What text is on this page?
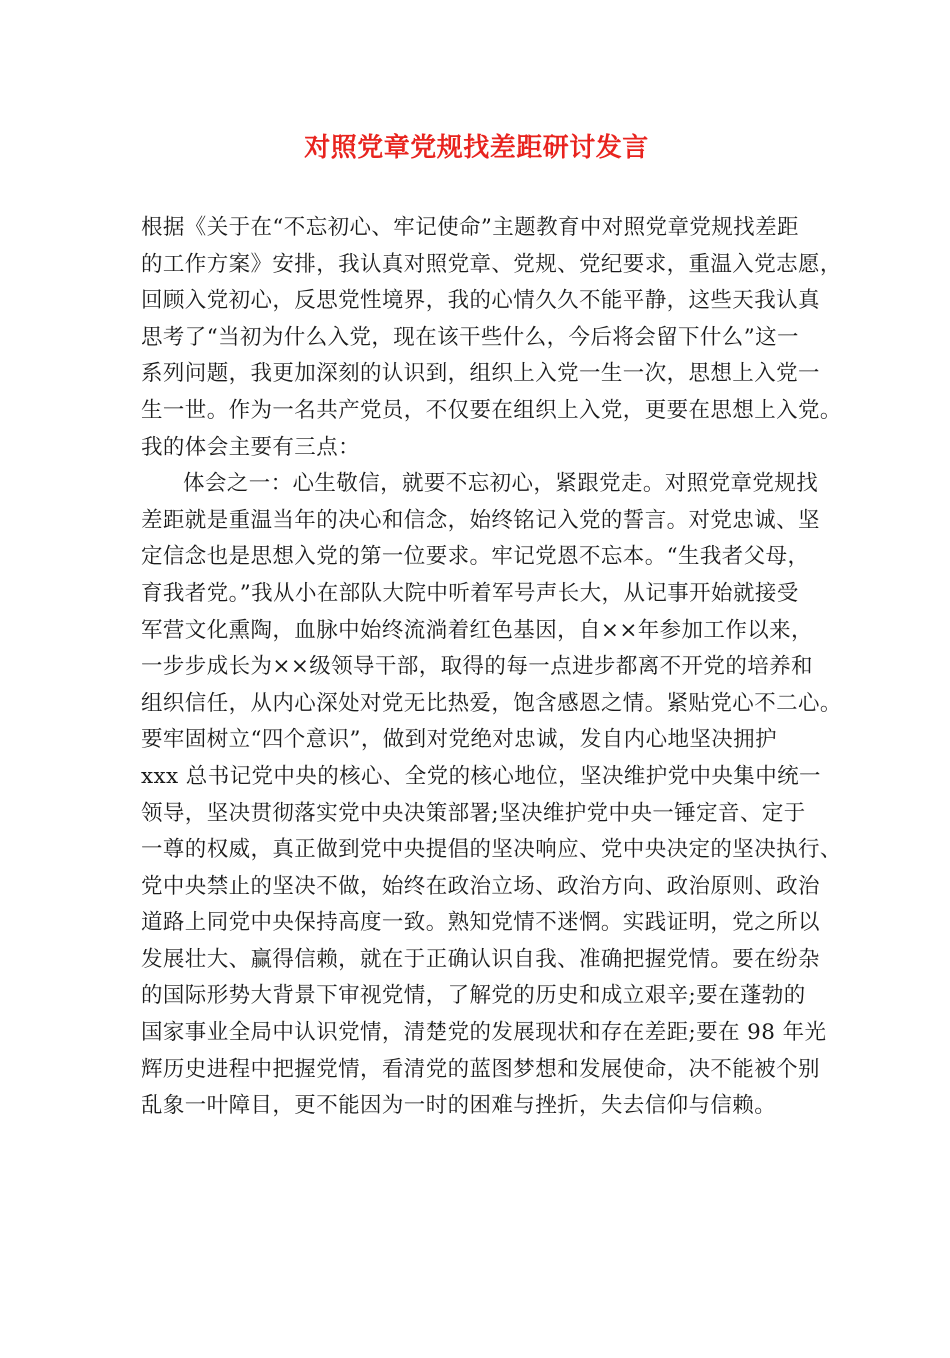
对照党章党规找差距研讨发言
根据《关于在“不忘初心、牢记使命”主题教育中对照党章党规找差距
的工作方案》安排，我认真对照党章、党规、党纪要求，重温入党志愿，
回顾入党初心，反思党性境界，我的心情久久不能平静，这些天我认真
思考了“当初为什么入党，现在该干些什么，今后将会留下什么”这一
系列问题，我更加深刻的认识到，组织上入党一生一次，思想上入党一
生一世。作为一名共产党员，不仅要在组织上入党，更要在思想上入党。
我的体会主要有三点：
体会之一：心生敬信，就要不忘初心，紧跟党走。对照党章党规找
差距就是重温当年的决心和信念，始终铭记入党的誓言。对党忠诚、坚
定信念也是思想入党的第一位要求。牢记党恩不忘本。“生我者父母，
育我者党。”我从小在部队大院中听着军号声长大，从记事开始就接受
军营文化熏陶，血脉中始终流淌着红色基因，自××年参加工作以来，
一步步成长为××级领导干部，取得的每一点进步都离不开党的培养和
组织信任，从内心深处对党无比热爱，饱含感恩之情。紧贴党心不二心。
要牢固树立“四个意识”，做到对党绝对忠诚，发自内心地坚决拥护
xxx 总书记党中央的核心、全党的核心地位，坚决维护党中央集中统一
领导，坚决贯彻落实党中央决策部署;坚决维护党中央一锤定音、定于
一尊的权威，真正做到党中央提倡的坚决响应、党中央决定的坚决执行、
党中央禁止的坚决不做，始终在政治立场、政治方向、政治原则、政治
道路上同党中央保持高度一致。熟知党情不迷惘。实践证明，党之所以
发展壮大、赢得信赖，就在于正确认识自我、准确把握党情。要在纷杂
的国际形势大背景下审视党情，了解党的历史和成立艰辛;要在蓬勃的
国家事业全局中认识党情，清楚党的发展现状和存在差距;要在 98 年光
辉历史进程中把握党情，看清党的蓝图梦想和发展使命，决不能被个别
乱象一叶障目，更不能因为一时的困难与挫折，失去信仰与信赖。
